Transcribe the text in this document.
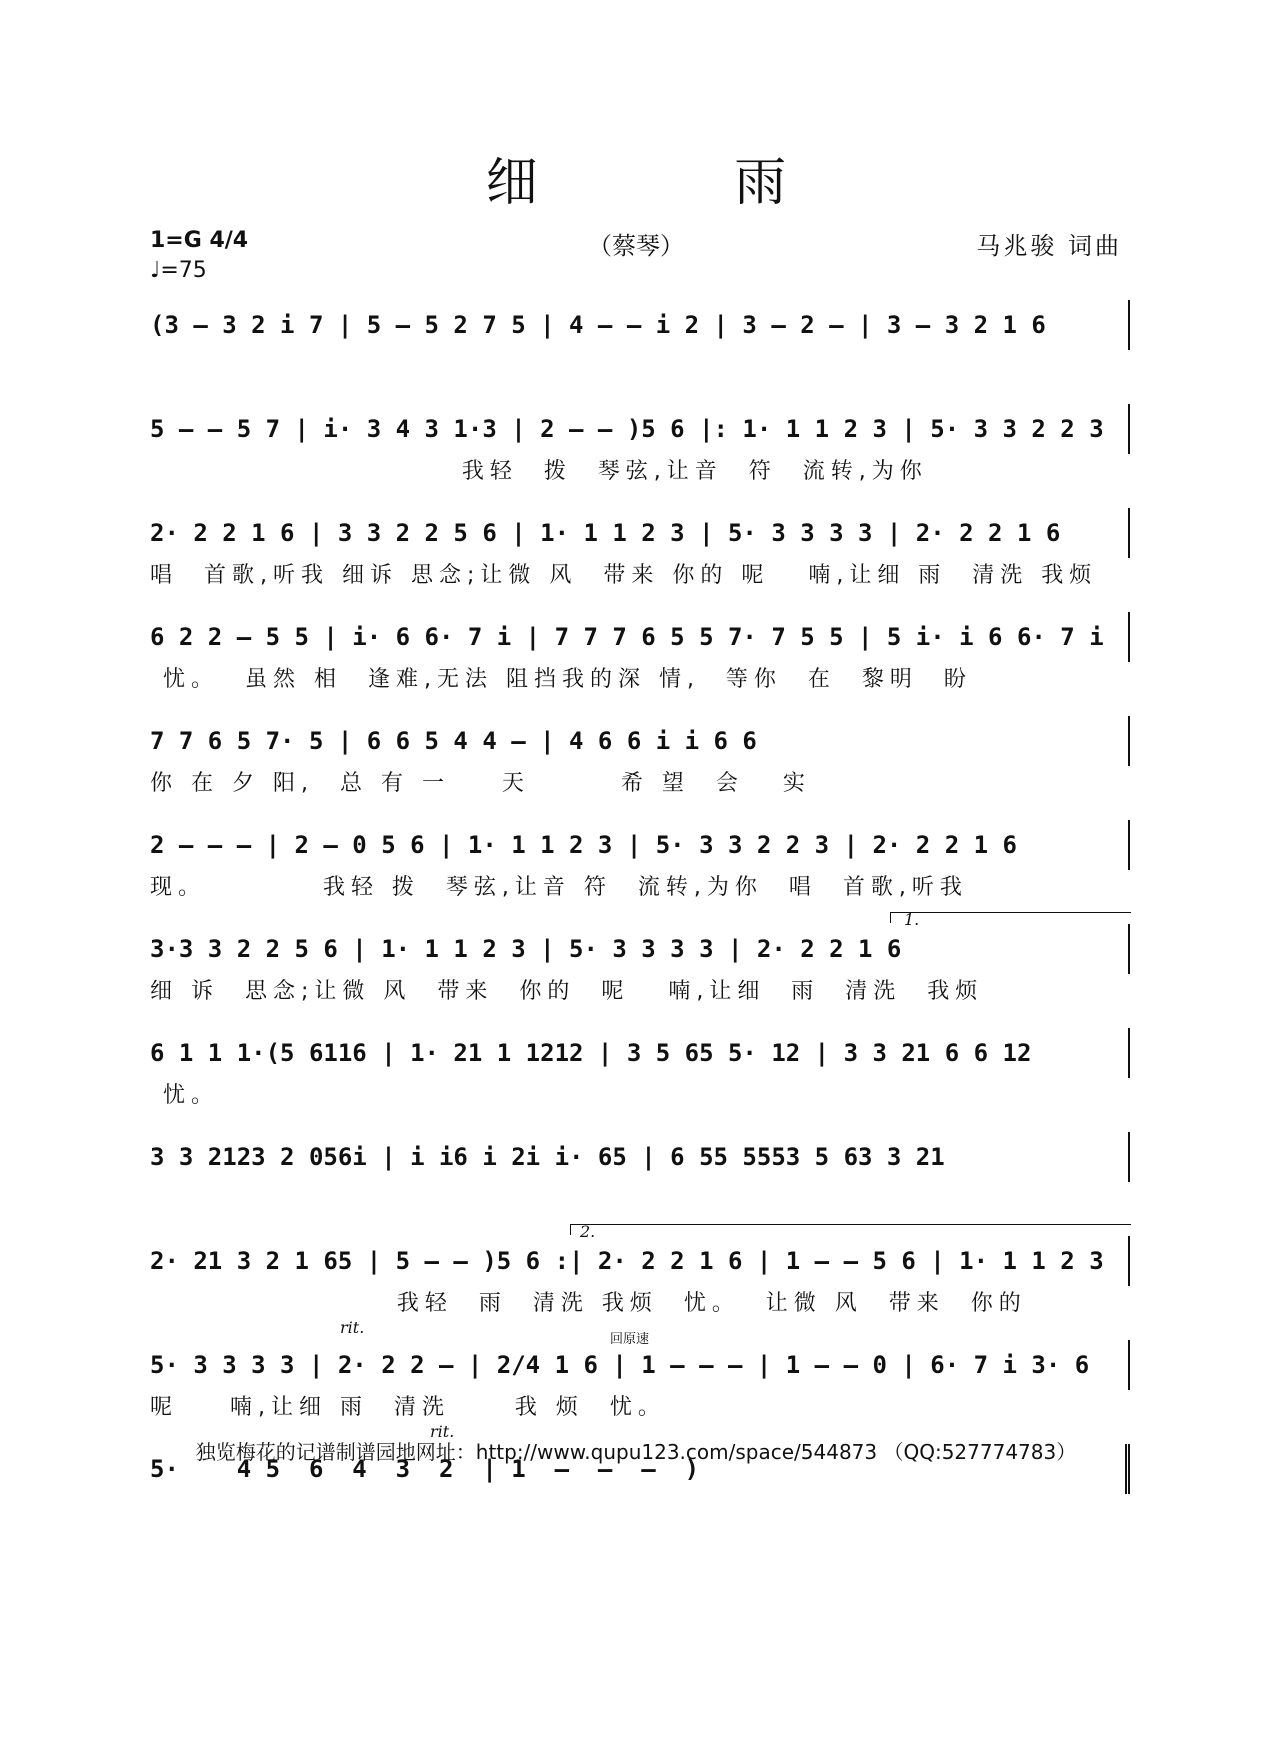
细 雨
（蔡琴）	马兆骏 词曲
1=G 4/4
♩=75
(3 – 3 2 i 7 | 5 – 5 2 7 5 | 4 – – i 2 | 3 – 2 – | 3 – 3 2 1 6
5 – – 5 7 | i· 3 4 3 1·3 | 2 – – )5 6 |: 1· 1 1 2 3 | 5· 3 3 2 2 3
我轻  拨  琴弦,让音  符  流转,为你
2· 2 2 1 6 | 3 3 2 2 5 6 | 1· 1 1 2 3 | 5· 3 3 3 3 | 2· 2 2 1 6
唱  首歌,听我 细诉 思念;让微 风  带来 你的 呢   喃,让细 雨  清洗 我烦
6 2 2 – 5 5 | i· 6 6· 7 i | 7 7 7 6 5 5 7· 7 5 5 | 5 i· i 6 6· 7 i
忧。  虽然 相  逢难,无法 阻挡我的深 情,  等你  在  黎明  盼
7 7 6 5 7· 5 | 6 6 5 4 4 – | 4 6 6 i i 6 6
你 在 夕 阳,  总 有 一    天       希 望  会   实
2 – – – | 2 – 0 5 6 | 1· 1 1 2 3 | 5· 3 3 2 2 3 | 2· 2 2 1 6
现。         我轻 拨  琴弦,让音 符  流转,为你  唱  首歌,听我
1.
3·3 3 2 2 5 6 | 1· 1 1 2 3 | 5· 3 3 3 3 | 2· 2 2 1 6
细 诉  思念;让微 风  带来  你的  呢   喃,让细  雨  清洗  我烦
6 1 1 1·(5 6116 | 1· 21 1 1212 | 3 5 65 5· 12 | 3 3 21 6 6 12
忧。
3 3 2123 2 056i | i i6 i 2i i· 65 | 6 55 5553 5 63 3 21
2.
2· 21 3 2 1 65 | 5 – – )5 6 :| 2· 2 2 1 6 | 1 – – 5 6 | 1· 1 1 2 3
我轻  雨  清洗 我烦  忧。  让微 风  带来  你的
rit.
回原速
5· 3 3 3 3 | 2· 2 2 – | 2/4 1 6 | 1 – – – | 1 – – 0 | 6· 7 i 3· 6
呢    喃,让细 雨  清洗     我 烦  忧。
rit.
5·    4 5  6  4  3  2  | 1  –  –  –  )
独览梅花的记谱制谱园地网址：http://www.qupu123.com/space/544873 （QQ:527774783）
